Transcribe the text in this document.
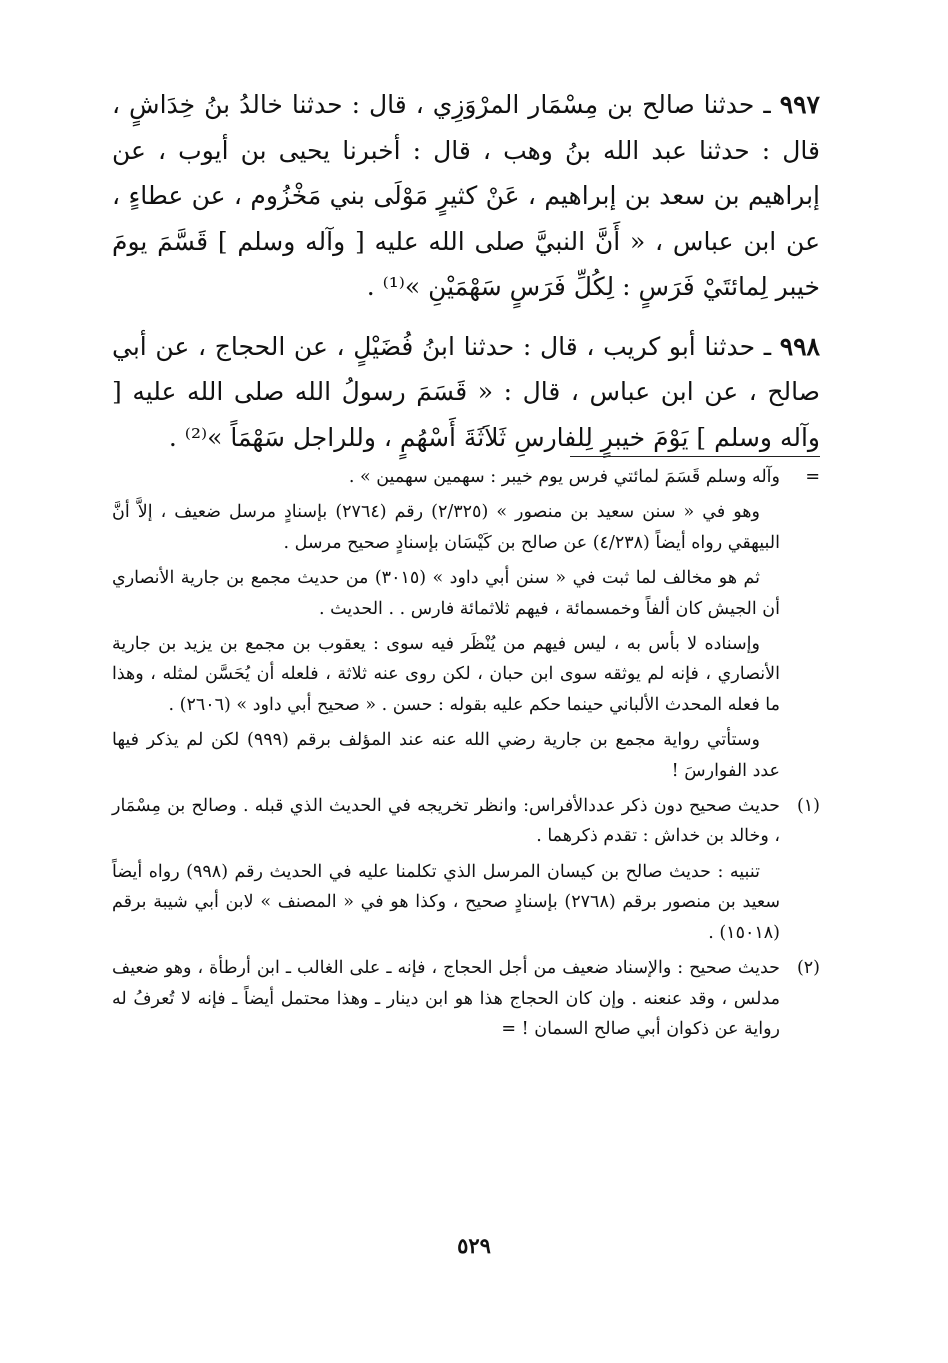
٩٩٧ ـ حدثنا صالح بن مِسْمَار المرْوَزِي ، قال : حدثنا خالدُ بنُ خِدَاشٍ ، قال : حدثنا عبد الله بنُ وهب ، قال : أخبرنا يحيى بن أيوب ، عن إبراهيم بن سعد بن إبراهيم ، عَنْ كثيرٍ مَوْلَى بني مَخْزُوم ، عن عطاءٍ ، عن ابن عباس ، « أَنَّ النبيَّ صلى الله عليه [ وآله وسلم ] قَسَّمَ يومَ خيبر لِمائتَيْ فَرَسٍ : لِكُلِّ فَرَسٍ سَهْمَيْنِ »⁽¹⁾ .

٩٩٨ ـ حدثنا أبو كريب ، قال : حدثنا ابنُ فُضَيْلٍ ، عن الحجاج ، عن أبي صالح ، عن ابن عباس ، قال : « قَسَمَ رسولُ الله صلى الله عليه [ وآله وسلم ] يَوْمَ خيبرٍ لِلفارسِ ثَلاَثَةَ أَسْهُمٍ ، وللراجل سَهْمَاً »⁽²⁾ .

=
وآله وسلم قَسَمَ لمائتي فرس يوم خيبر : سهمين سهمين » .

وهو في « سنن سعيد بن منصور » (٢/٣٢٥) رقم (٢٧٦٤) بإسنادٍ مرسل ضعيف ، إلاَّ أنَّ البيهقي رواه أيضاً (٤/٢٣٨) عن صالح بن كَيْسَان بإسنادٍ صحيح مرسل .

ثم هو مخالف لما ثبت في « سنن أبي داود » (٣٠١٥) من حديث مجمع بن جارية الأنصاري أن الجيش كان ألفاً وخمسمائة ، فيهم ثلاثمائة فارس . . الحديث .

وإسناده لا بأس به ، ليس فيهم من يُنْظَر فيه سوى : يعقوب بن مجمع بن يزيد بن جارية الأنصاري ، فإنه لم يوثقه سوى ابن حبان ، لكن روى عنه ثلاثة ، فلعله أن يُحَسَّن لمثله ، وهذا ما فعله المحدث الألباني حينما حكم عليه بقوله : حسن . « صحيح أبي داود » (٢٦٠٦) .

وستأتي رواية مجمع بن جارية رضي الله عنه عند المؤلف برقم (٩٩٩) لكن لم يذكر فيها عدد الفوارسَ !

(١)
حديث صحيح دون ذكر عددالأفراس: وانظر تخريجه في الحديث الذي قبله . وصالح بن مِسْمَار ، وخالد بن خداش : تقدم ذكرهما .

تنبيه : حديث صالح بن كيسان المرسل الذي تكلمنا عليه في الحديث رقم (٩٩٨) رواه أيضاً سعيد بن منصور برقم (٢٧٦٨) بإسنادٍ صحيح ، وكذا هو في « المصنف » لابن أبي شيبة برقم (١٥٠١٨) .

(٢)
حديث صحيح : والإسناد ضعيف من أجل الحجاج ، فإنه ـ على الغالب ـ ابن أرطأة ، وهو ضعيف مدلس ، وقد عنعنه . وإن كان الحجاج هذا هو ابن دينار ـ وهذا محتمل أيضاً ـ فإنه لا تُعرفُ له رواية عن ذكوان أبي صالح السمان ! =

٥٢٩
